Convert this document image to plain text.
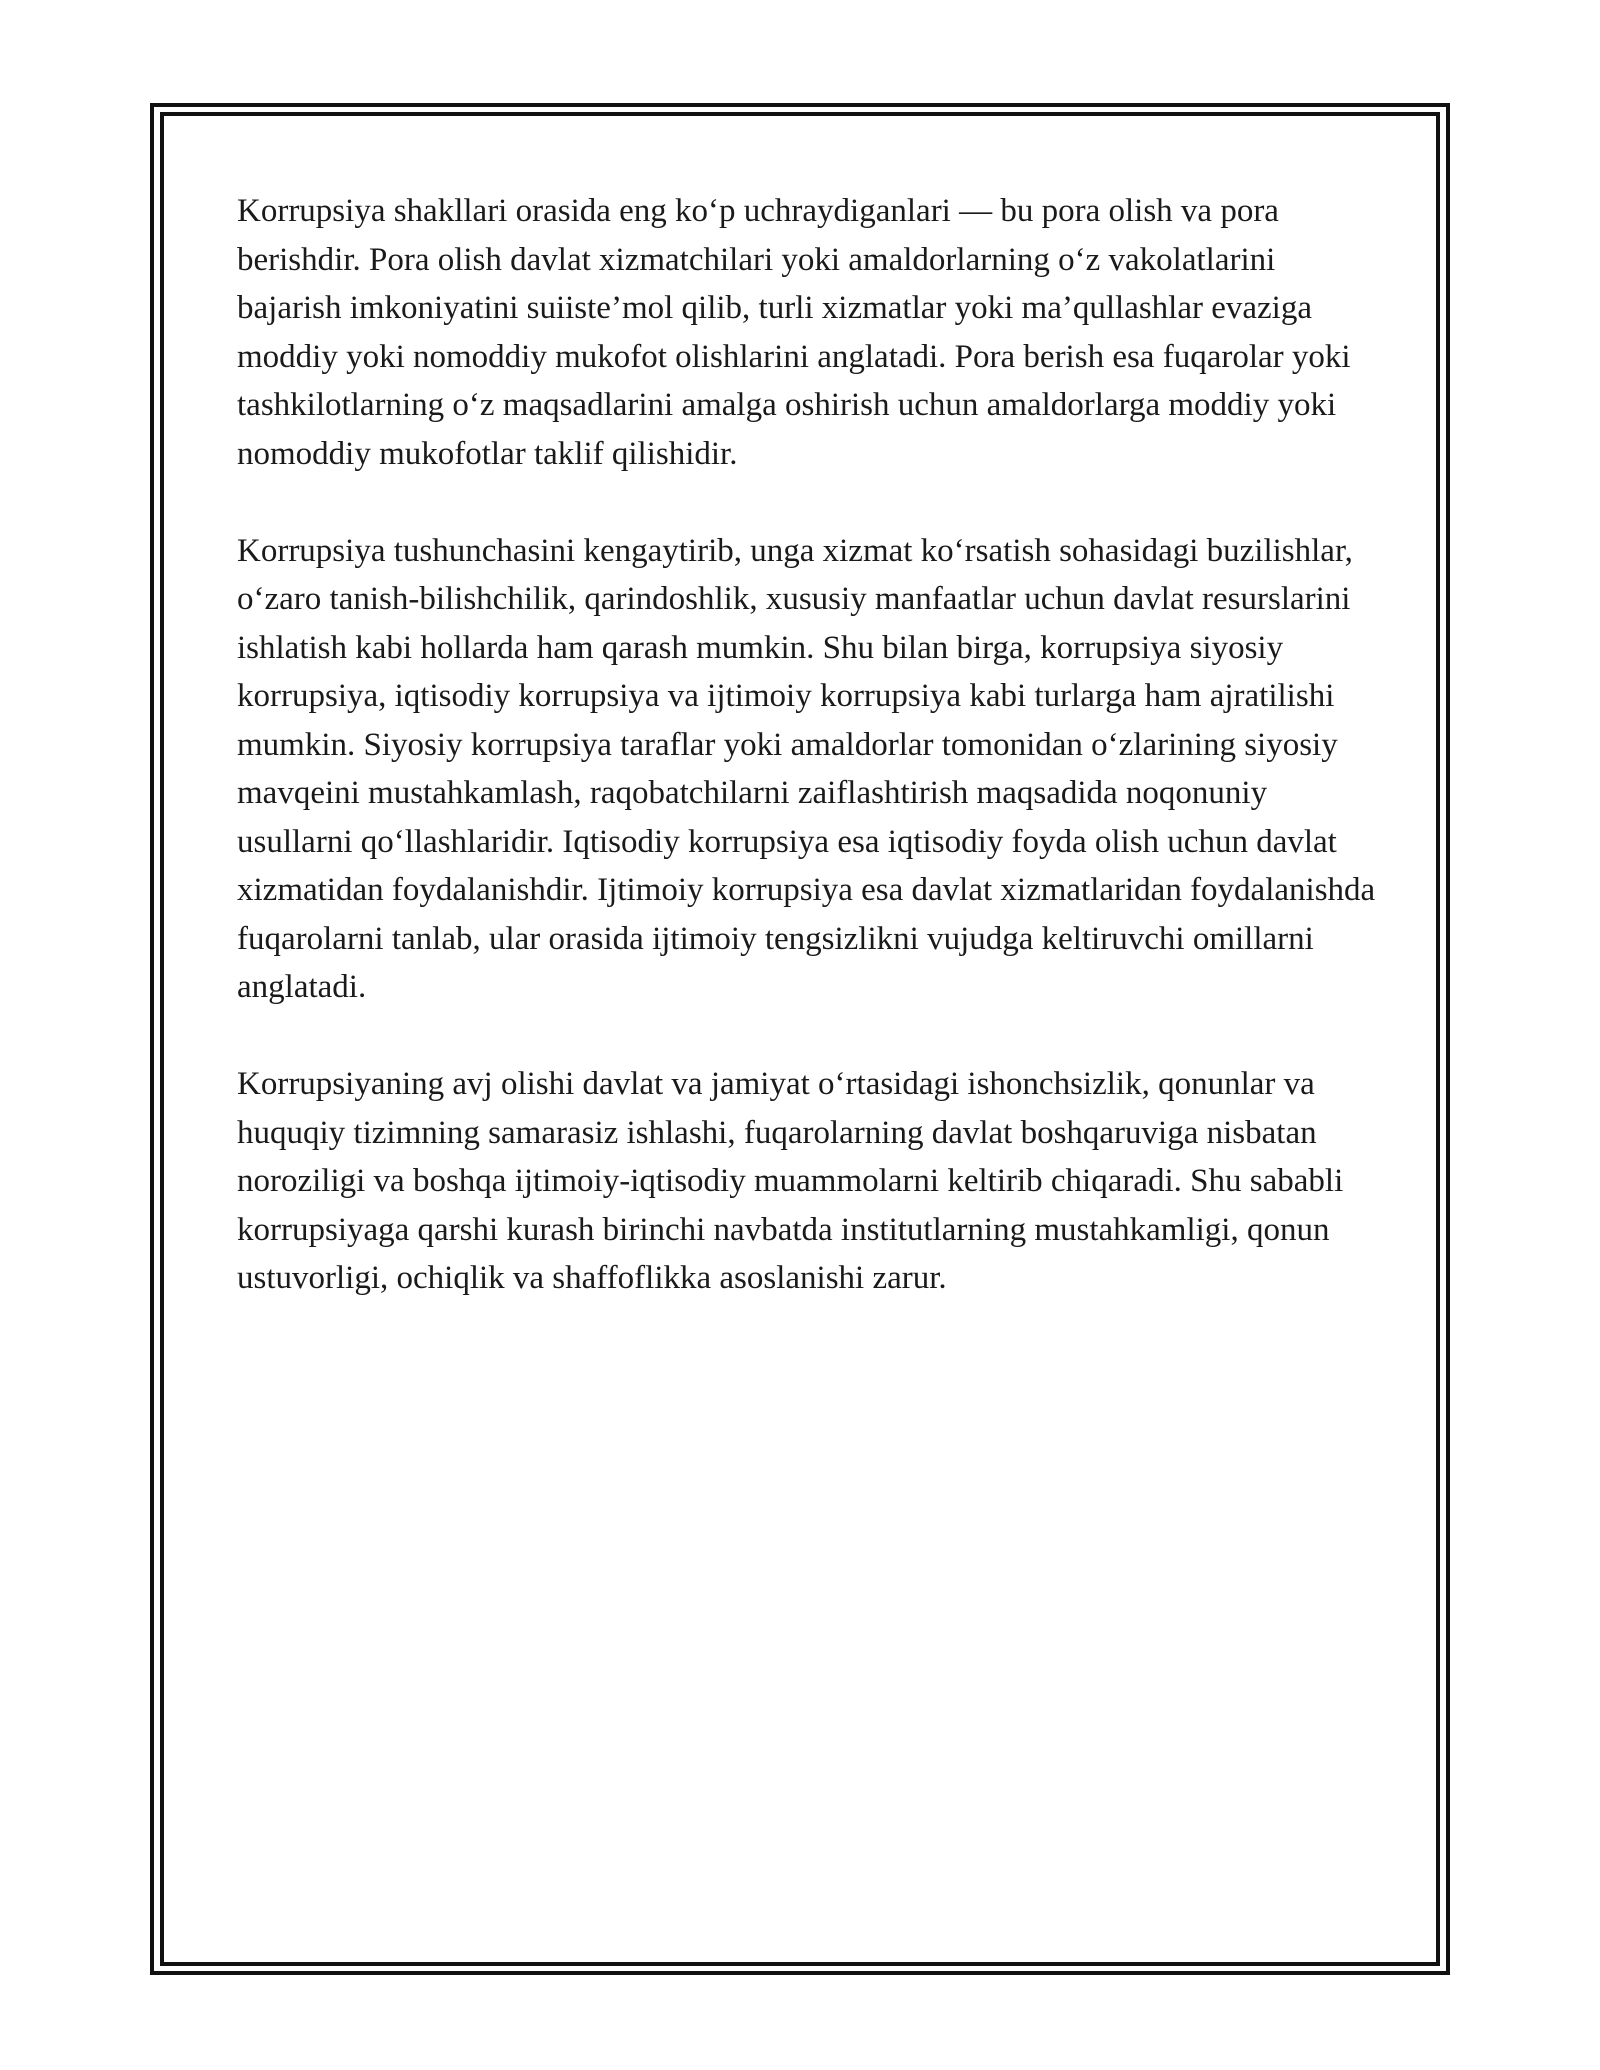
Korrupsiya shakllari orasida eng ko‘p uchraydiganlari — bu pora olish va pora berishdir. Pora olish davlat xizmatchilari yoki amaldorlarning o‘z vakolatlarini bajarish imkoniyatini suiiste’mol qilib, turli xizmatlar yoki ma’qullashlar evaziga moddiy yoki nomoddiy mukofot olishlarini anglatadi. Pora berish esa fuqarolar yoki tashkilotlarning o‘z maqsadlarini amalga oshirish uchun amaldorlarga moddiy yoki nomoddiy mukofotlar taklif qilishidir.

Korrupsiya tushunchasini kengaytirib, unga xizmat ko‘rsatish sohasidagi buzilishlar, o‘zaro tanish-bilishchilik, qarindoshlik, xususiy manfaatlar uchun davlat resurslarini ishlatish kabi hollarda ham qarash mumkin. Shu bilan birga, korrupsiya siyosiy korrupsiya, iqtisodiy korrupsiya va ijtimoiy korrupsiya kabi turlarga ham ajratilishi mumkin. Siyosiy korrupsiya taraflar yoki amaldorlar tomonidan o‘zlarining siyosiy mavqeini mustahkamlash, raqobatchilarni zaiflashtirish maqsadida noqonuniy usullarni qo‘llashlaridir. Iqtisodiy korrupsiya esa iqtisodiy foyda olish uchun davlat xizmatidan foydalanishdir. Ijtimoiy korrupsiya esa davlat xizmatlaridan foydalanishda fuqarolarni tanlab, ular orasida ijtimoiy tengsizlikni vujudga keltiruvchi omillarni anglatadi.

Korrupsiyaning avj olishi davlat va jamiyat o‘rtasidagi ishonchsizlik, qonunlar va huquqiy tizimning samarasiz ishlashi, fuqarolarning davlat boshqaruviga nisbatan noroziligi va boshqa ijtimoiy-iqtisodiy muammolarni keltirib chiqaradi. Shu sababli korrupsiyaga qarshi kurash birinchi navbatda institutlarning mustahkamligi, qonun ustuvorligi, ochiqlik va shaffoflikka asoslanishi zarur.
